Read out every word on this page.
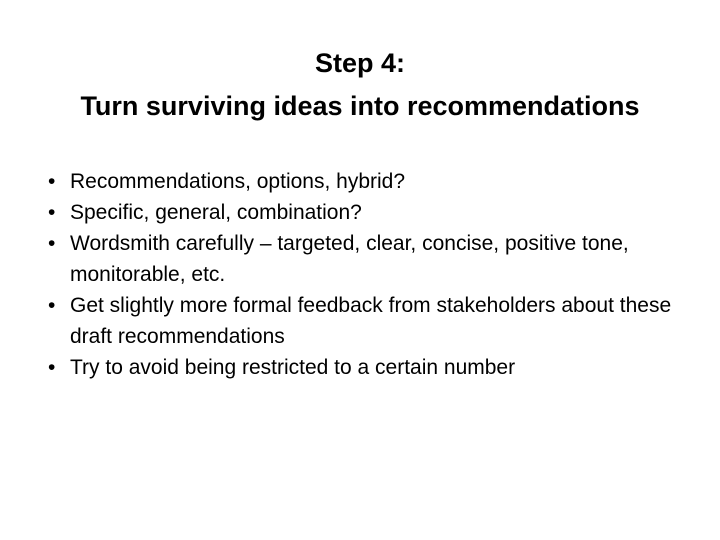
Step 4:
Turn surviving ideas into recommendations
• Recommendations, options, hybrid?
• Specific, general, combination?
• Wordsmith carefully – targeted, clear, concise, positive tone, monitorable, etc.
• Get slightly more formal feedback from stakeholders about these draft recommendations
• Try to avoid being restricted to a certain number
